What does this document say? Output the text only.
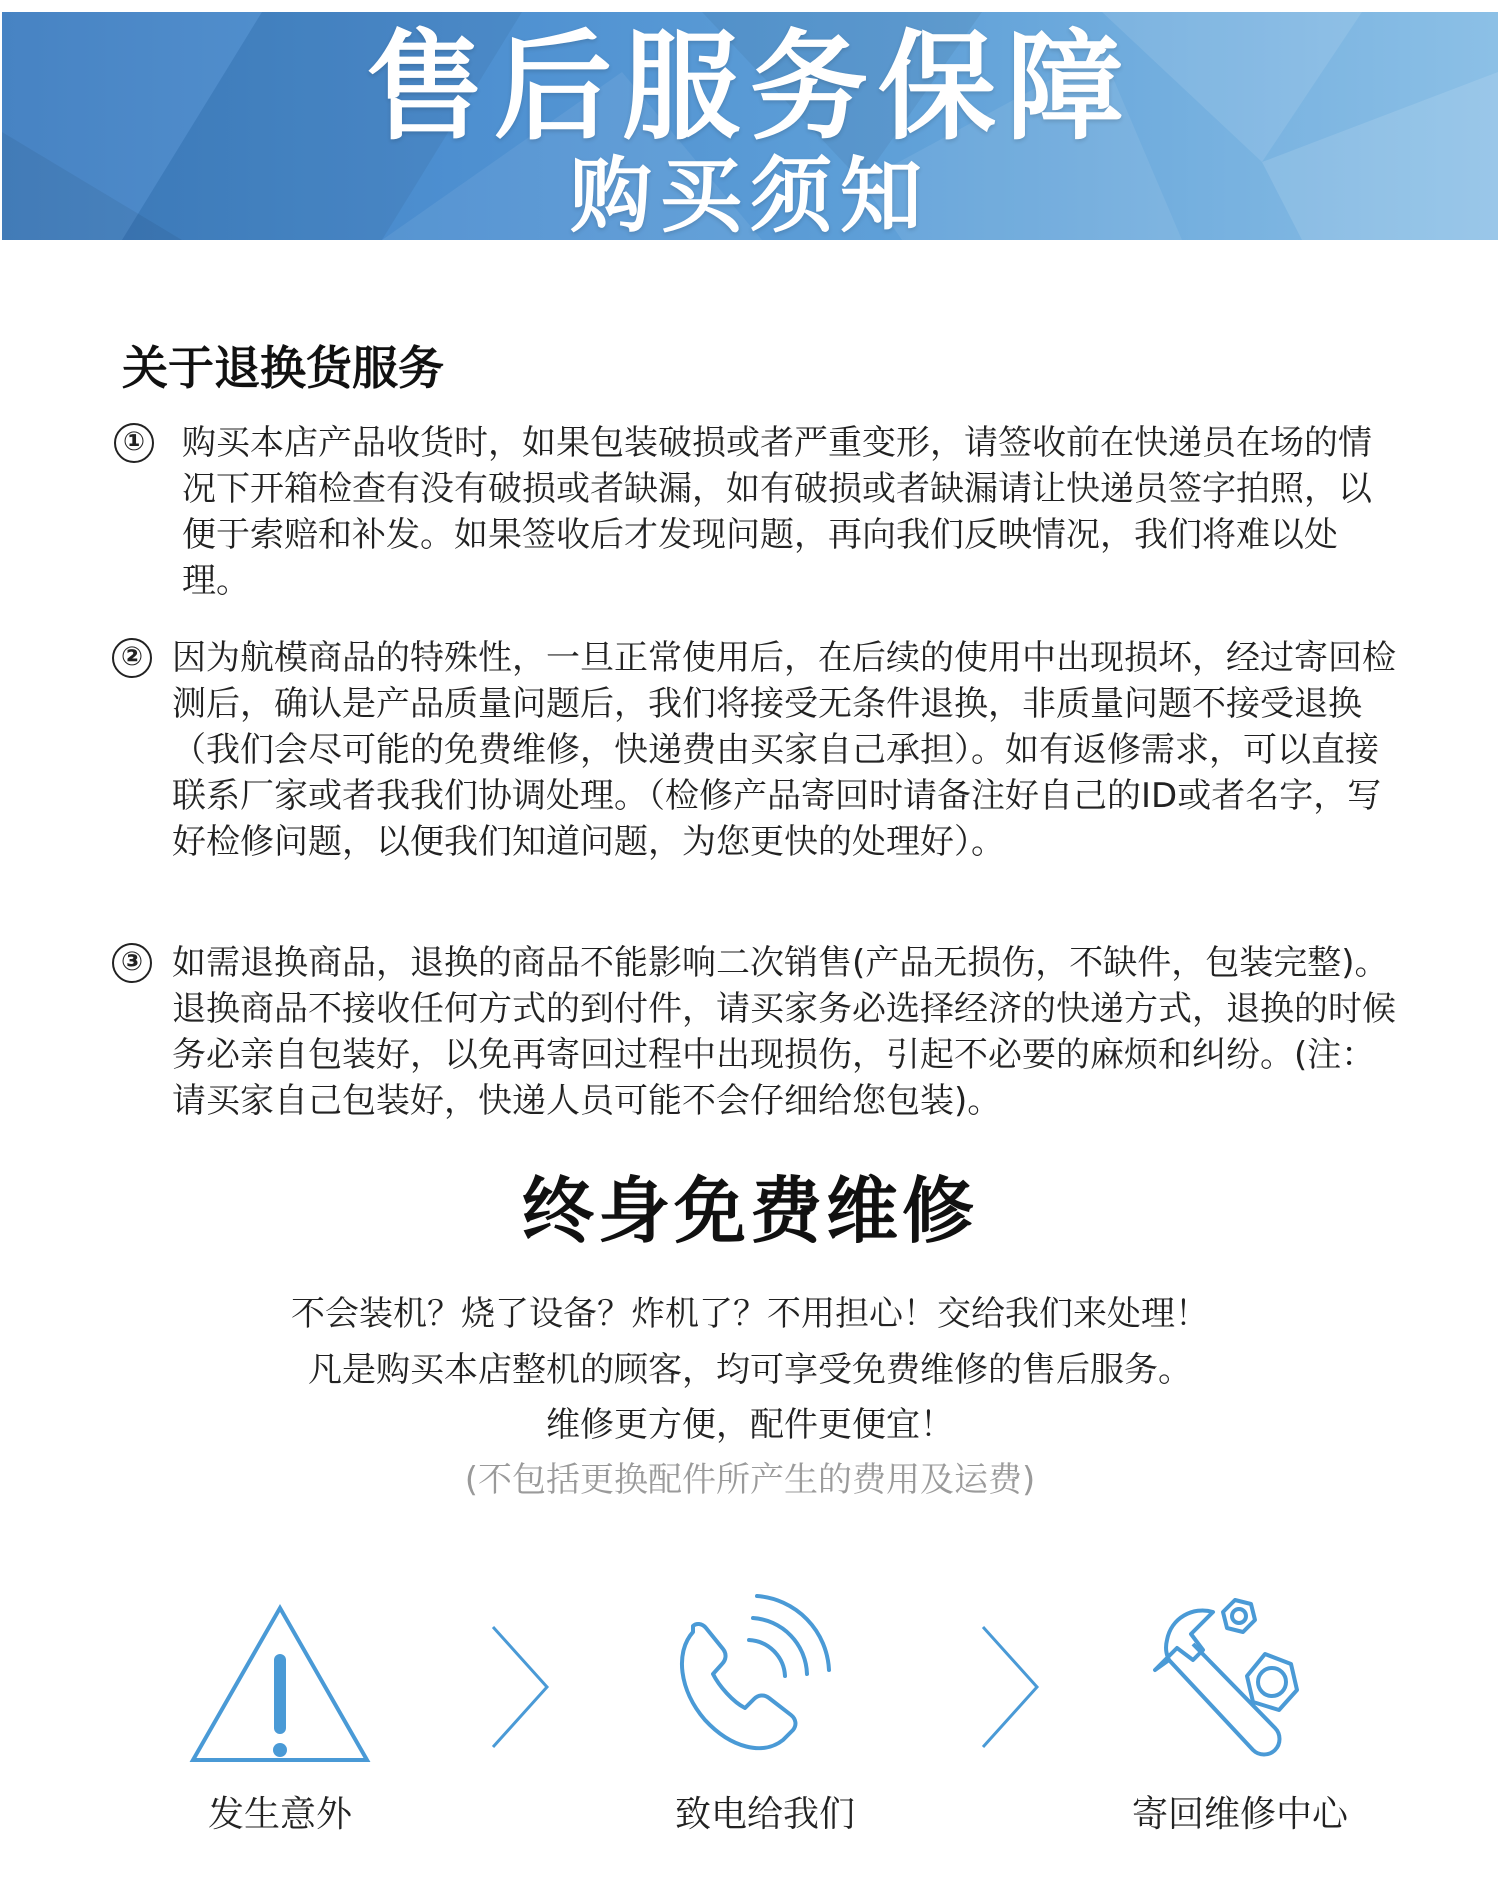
售后服务保障
购买须知
关于退换货服务
① 购买本店产品收货时，如果包装破损或者严重变形，请签收前在快递员在场的情况下开箱检查有没有破损或者缺漏，如有破损或者缺漏请让快递员签字拍照，以便于索赔和补发。如果签收后才发现问题，再向我们反映情况，我们将难以处理。
② 因为航模商品的特殊性，一旦正常使用后，在后续的使用中出现损坏，经过寄回检测后，确认是产品质量问题后，我们将接受无条件退换，非质量问题不接受退换（我们会尽可能的免费维修，快递费由买家自己承担）。如有返修需求，可以直接联系厂家或者我我们协调处理。（检修产品寄回时请备注好自己的ID或者名字，写好检修问题，以便我们知道问题，为您更快的处理好）。
③ 如需退换商品，退换的商品不能影响二次销售(产品无损伤，不缺件，包装完整)。退换商品不接收任何方式的到付件，请买家务必选择经济的快递方式，退换的时候务必亲自包装好，以免再寄回过程中出现损伤，引起不必要的麻烦和纠纷。(注：请买家自己包装好，快递人员可能不会仔细给您包装)。
终身免费维修
不会装机？烧了设备？炸机了？不用担心！交给我们来处理！
凡是购买本店整机的顾客，均可享受免费维修的售后服务。
维修更方便，配件更便宜！
(不包括更换配件所产生的费用及运费)
发生意外	致电给我们	寄回维修中心
